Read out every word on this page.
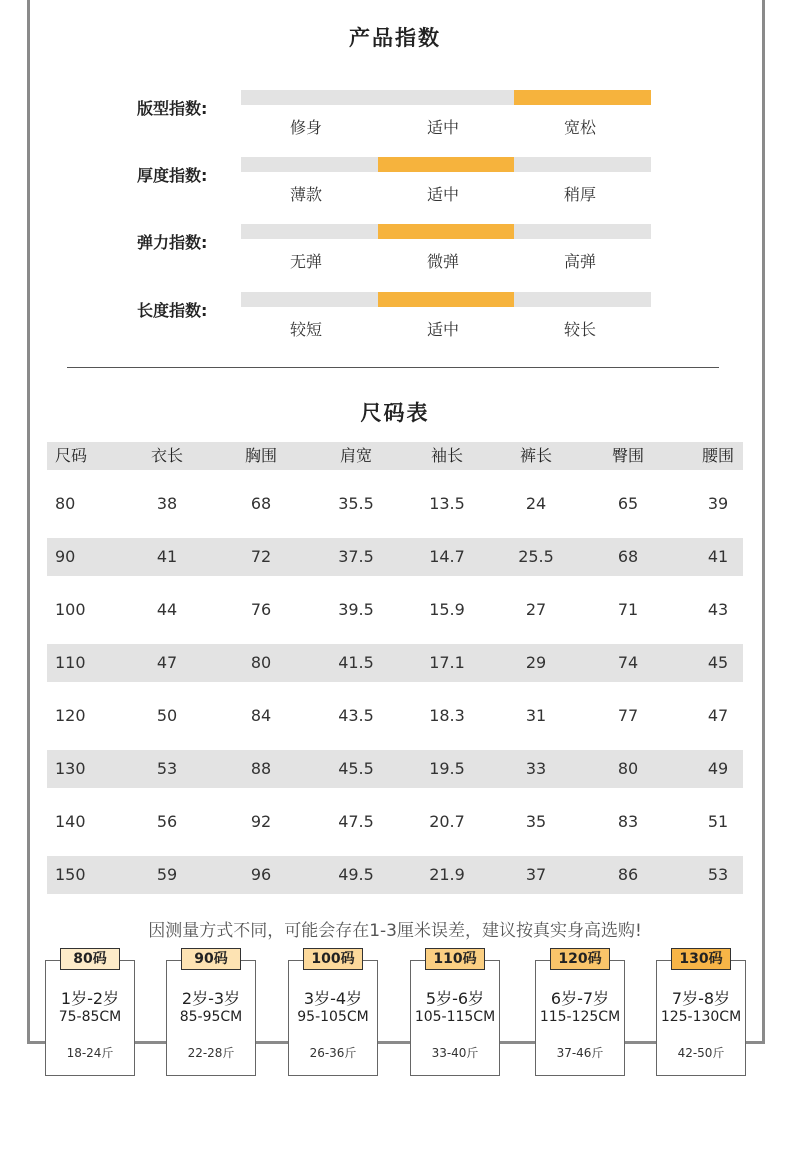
产品指数
版型指数:
修身	适中	宽松
厚度指数:
薄款	适中	稍厚
弹力指数:
无弹	微弹	高弹
长度指数:
较短	适中	较长
尺码表
尺码	衣长	胸围	肩宽	袖长	裤长	臀围	腰围
80	38	68	35.5	13.5	24	65	39
90	41	72	37.5	14.7	25.5	68	41
100	44	76	39.5	15.9	27	71	43
110	47	80	41.5	17.1	29	74	45
120	50	84	43.5	18.3	31	77	47
130	53	88	45.5	19.5	33	80	49
140	56	92	47.5	20.7	35	83	51
150	59	96	49.5	21.9	37	86	53
因测量方式不同，可能会存在1-3厘米误差，建议按真实身高选购!
1岁-2岁
75-85CM
18-24斤
80码
2岁-3岁
85-95CM
22-28斤
90码
3岁-4岁
95-105CM
26-36斤
100码
5岁-6岁
105-115CM
33-40斤
110码
6岁-7岁
115-125CM
37-46斤
120码
7岁-8岁
125-130CM
42-50斤
130码
